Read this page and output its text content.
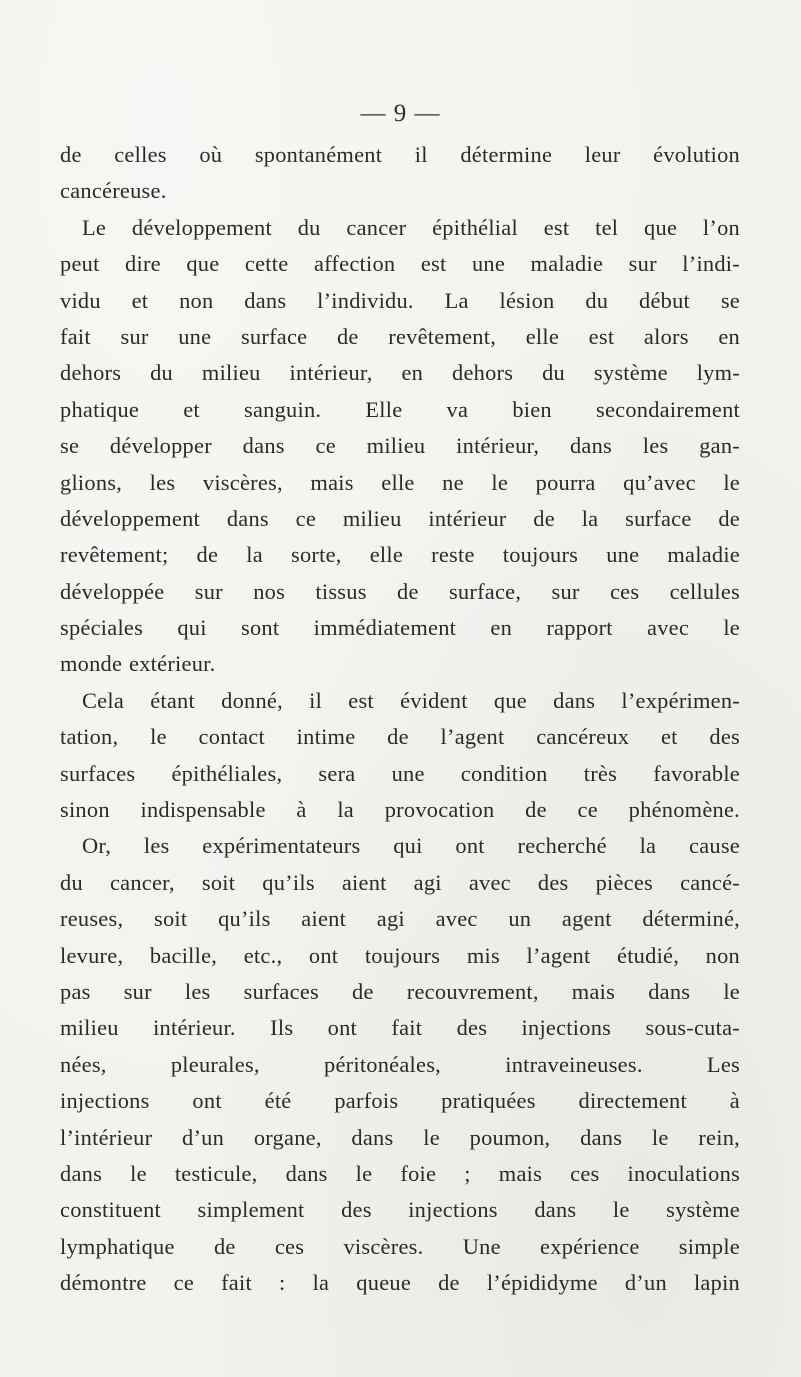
— 9 —
de celles où spontanément il détermine leur évolution
cancéreuse.
Le développement du cancer épithélial est tel que l’on
peut dire que cette affection est une maladie sur l’indi-
vidu et non dans l’individu. La lésion du début se
fait sur une surface de revêtement, elle est alors en
dehors du milieu intérieur, en dehors du système lym-
phatique et sanguin. Elle va bien secondairement
se développer dans ce milieu intérieur, dans les gan-
glions, les viscères, mais elle ne le pourra qu’avec le
développement dans ce milieu intérieur de la surface de
revêtement; de la sorte, elle reste toujours une maladie
développée sur nos tissus de surface, sur ces cellules
spéciales qui sont immédiatement en rapport avec le
monde extérieur.
Cela étant donné, il est évident que dans l’expérimen-
tation, le contact intime de l’agent cancéreux et des
surfaces épithéliales, sera une condition très favorable
sinon indispensable à la provocation de ce phénomène.
Or, les expérimentateurs qui ont recherché la cause
du cancer, soit qu’ils aient agi avec des pièces cancé-
reuses, soit qu’ils aient agi avec un agent déterminé,
levure, bacille, etc., ont toujours mis l’agent étudié, non
pas sur les surfaces de recouvrement, mais dans le
milieu intérieur. Ils ont fait des injections sous-cuta-
nées, pleurales, péritonéales, intraveineuses. Les
injections ont été parfois pratiquées directement à
l’intérieur d’un organe, dans le poumon, dans le rein,
dans le testicule, dans le foie ; mais ces inoculations
constituent simplement des injections dans le système
lymphatique de ces viscères. Une expérience simple
démontre ce fait : la queue de l’épididyme d’un lapin
